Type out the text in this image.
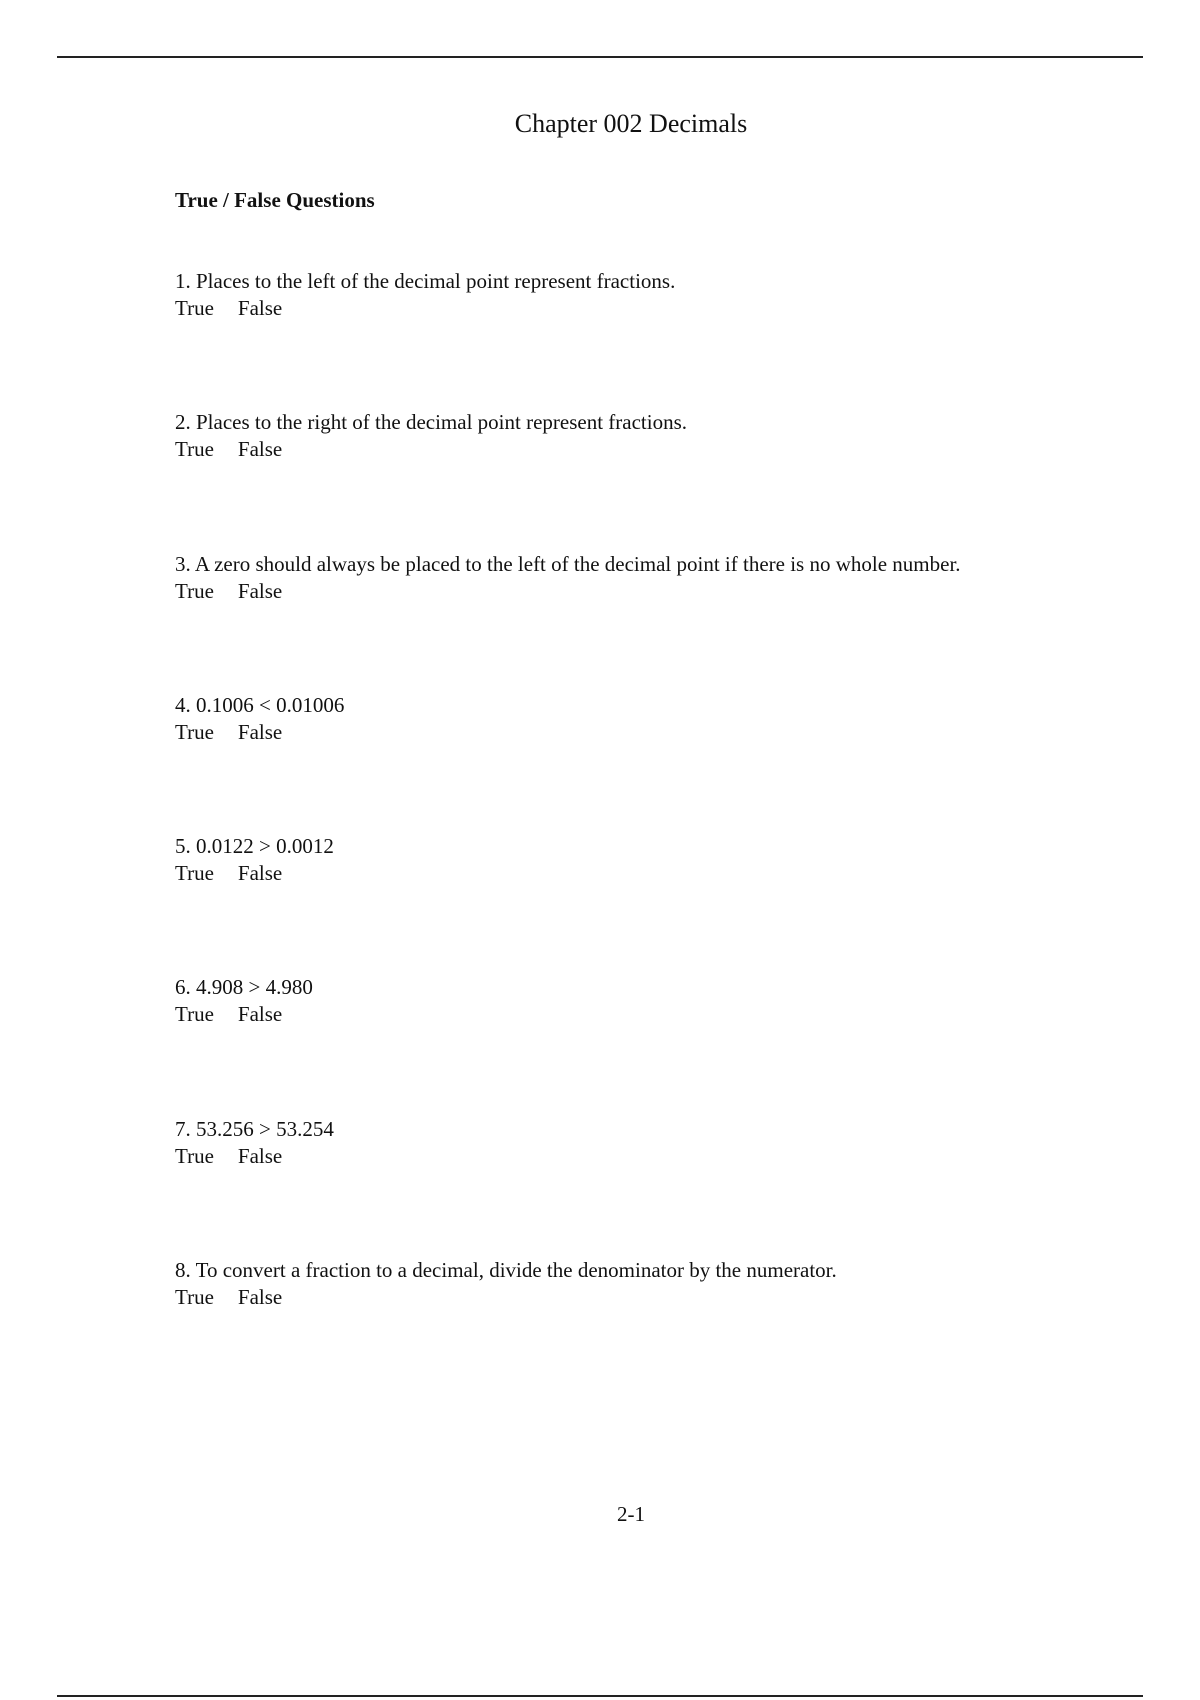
Chapter 002 Decimals
True / False Questions
1. Places to the left of the decimal point represent fractions.
True False
2. Places to the right of the decimal point represent fractions.
True False
3. A zero should always be placed to the left of the decimal point if there is no whole number.
True False
4. 0.1006 < 0.01006
True False
5. 0.0122 > 0.0012
True False
6. 4.908 > 4.980
True False
7. 53.256 > 53.254
True False
8. To convert a fraction to a decimal, divide the denominator by the numerator.
True False
2-1
